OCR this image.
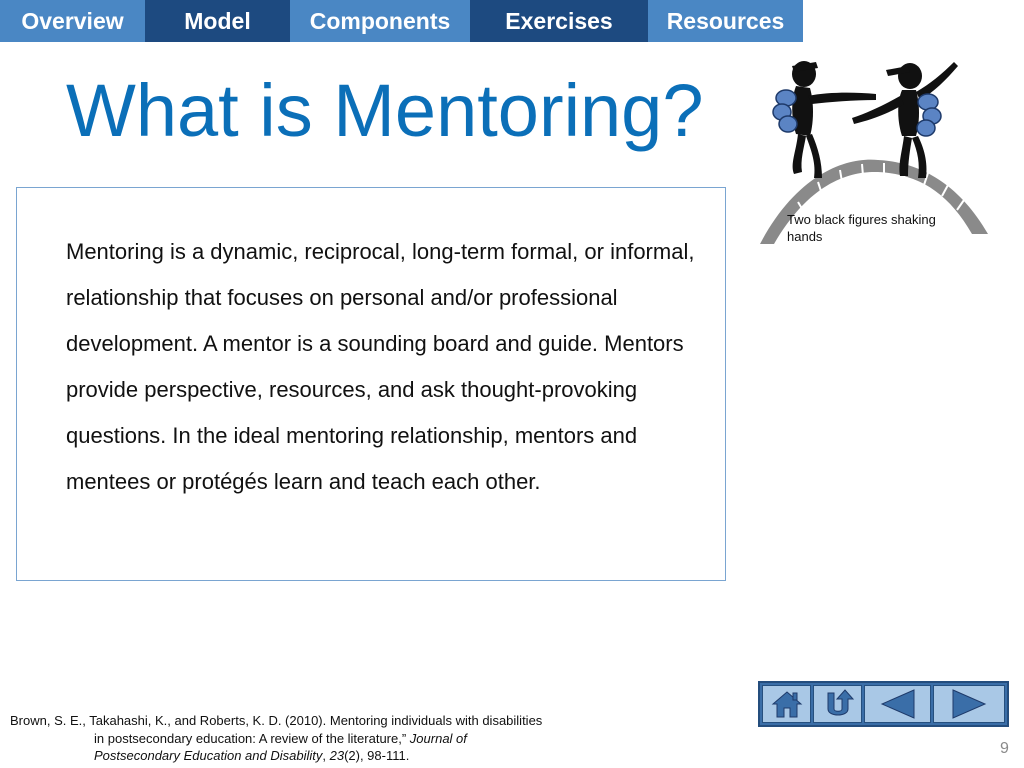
Overview	Model	Components	Exercises	Resources
What is Mentoring?
Two black figures shaking hands

Mentoring is a dynamic, reciprocal, long-term formal, or informal, relationship that focuses on personal and/or professional development. A mentor is a sounding board and guide. Mentors provide perspective, resources, and ask thought-provoking questions. In the ideal mentoring relationship, mentors and mentees or protégés learn and teach each other.

Brown, S. E., Takahashi, K., and Roberts, K. D. (2010). Mentoring individuals with disabilities
in postsecondary education: A review of the literature,” Journal of
Postsecondary Education and Disability, 23(2), 98-111.	9
